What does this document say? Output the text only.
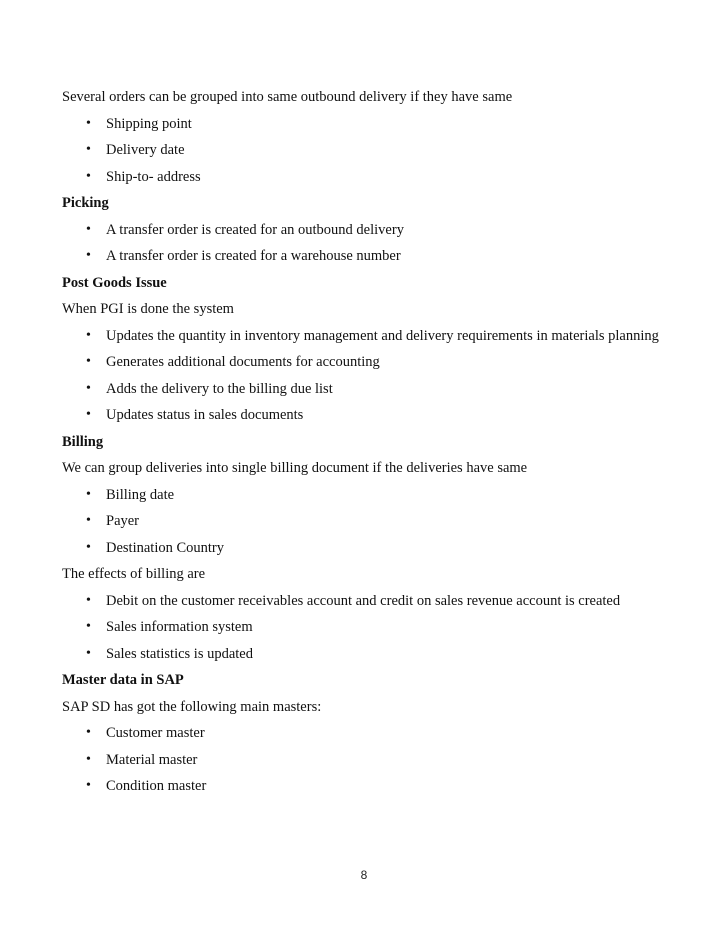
Several orders can be grouped into same outbound delivery if they have same

• Shipping point
• Delivery date
• Ship-to- address

Picking

• A transfer order is created for an outbound delivery
• A transfer order is created for a warehouse number

Post Goods Issue

When PGI is done the system

• Updates the quantity in inventory management and delivery requirements in materials planning
• Generates additional documents for accounting
• Adds the delivery to the billing due list
• Updates status in sales documents

Billing

We can group deliveries into single billing document if the deliveries have same

• Billing date
• Payer
• Destination Country

The effects of billing are

• Debit on the customer receivables account and credit on sales revenue account is created
• Sales information system
• Sales statistics is updated

Master data in SAP

SAP SD has got the following main masters:

• Customer master
• Material master
• Condition master
8
